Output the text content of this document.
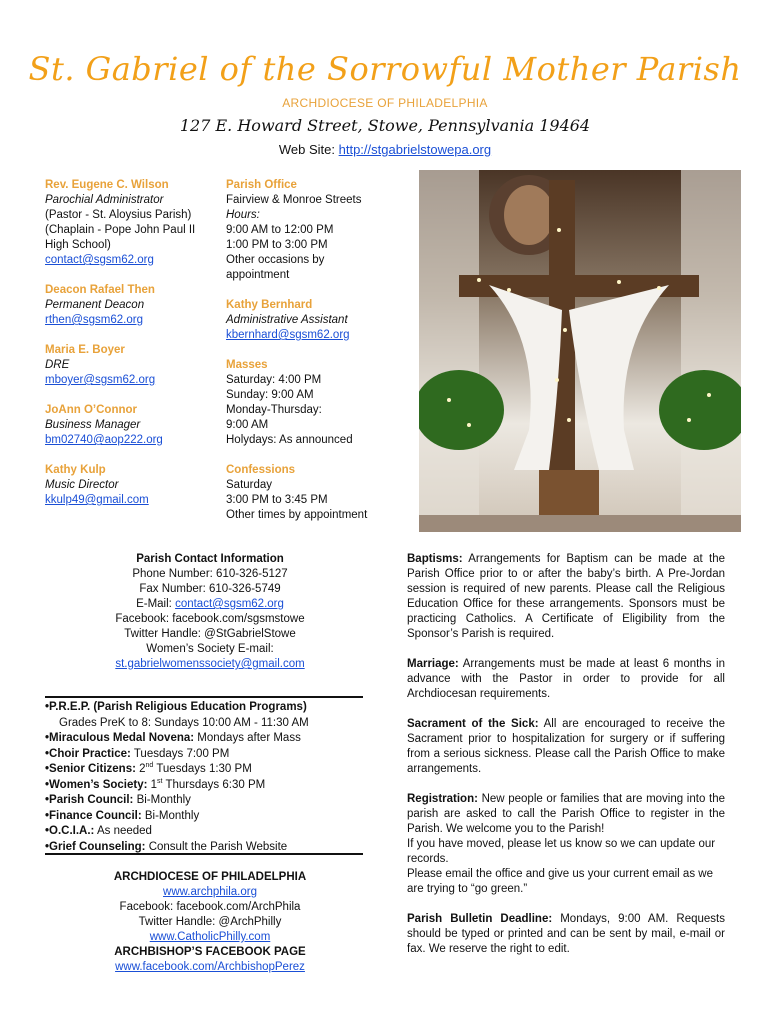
St. Gabriel of the Sorrowful Mother Parish
ARCHDIOCESE OF PHILADELPHIA
127 E. Howard Street, Stowe, Pennsylvania 19464
Web Site: http://stgabrielstowepa.org
Rev. Eugene C. Wilson
Parochial Administrator
(Pastor - St. Aloysius Parish)
(Chaplain - Pope John Paul II
High School)
contact@sgsm62.org
Deacon Rafael Then
Permanent Deacon
rthen@sgsm62.org
Maria E. Boyer
DRE
mboyer@sgsm62.org
JoAnn O’Connor
Business Manager
bm02740@aop222.org
Kathy Kulp
Music Director
kkulp49@gmail.com
Parish Office
Fairview & Monroe Streets
Hours:
9:00 AM to 12:00 PM
1:00 PM to 3:00 PM
Other occasions by
appointment
Kathy Bernhard
Administrative Assistant
kbernhard@sgsm62.org
Masses
Saturday: 4:00 PM
Sunday: 9:00 AM
Monday-Thursday:
9:00 AM
Holydays: As announced
Confessions
Saturday
3:00 PM to 3:45 PM
Other times by appointment
Parish Contact Information
Phone Number: 610-326-5127
Fax Number: 610-326-5749
E-Mail: contact@sgsm62.org
Facebook: facebook.com/sgsmstowe
Twitter Handle: @StGabrielStowe
Women’s Society E-mail:
st.gabrielwomenssociety@gmail.com
•P.R.E.P. (Parish Religious Education Programs)
Grades PreK to 8: Sundays 10:00 AM - 11:30 AM
•Miraculous Medal Novena: Mondays after Mass
•Choir Practice: Tuesdays 7:00 PM
•Senior Citizens: 2nd Tuesdays 1:30 PM
•Women’s Society: 1st Thursdays 6:30 PM
•Parish Council: Bi-Monthly
•Finance Council: Bi-Monthly
•O.C.I.A.: As needed
•Grief Counseling: Consult the Parish Website
ARCHDIOCESE OF PHILADELPHIA
www.archphila.org
Facebook: facebook.com/ArchPhila
Twitter Handle: @ArchPhilly
www.CatholicPhilly.com
ARCHBISHOP’S FACEBOOK PAGE
www.facebook.com/ArchbishopPerez
Baptisms: Arrangements for Baptism can be made at the Parish Office prior to or after the baby’s birth. A Pre-Jordan session is required of new parents. Please call the Religious Education Office for these arrangements. Sponsors must be practicing Catholics. A Certificate of Eligibility from the Sponsor’s Parish is required.
Marriage: Arrangements must be made at least 6 months in advance with the Pastor in order to provide for all Archdiocesan requirements.
Sacrament of the Sick: All are encouraged to receive the Sacrament prior to hospitalization for surgery or if suffering from a serious sickness. Please call the Parish Office to make arrangements.
Registration: New people or families that are moving into the parish are asked to call the Parish Office to register in the Parish. We welcome you to the Parish!
If you have moved, please let us know so we can update our records.
Please email the office and give us your current email as we are trying to “go green.”
Parish Bulletin Deadline: Mondays, 9:00 AM. Requests should be typed or printed and can be sent by mail, e-mail or fax. We reserve the right to edit.
